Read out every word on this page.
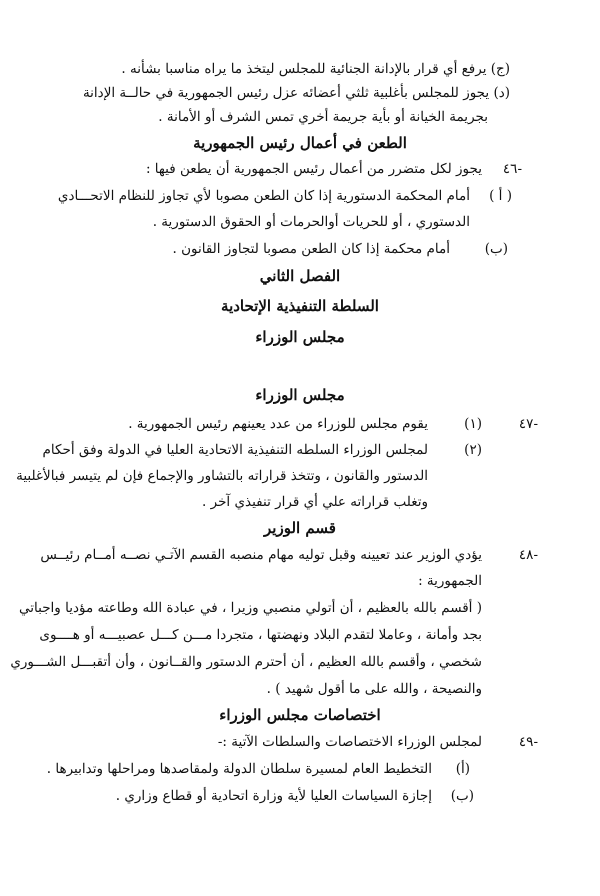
(ج) يرفع أي قرار بالإدانة الجنائية للمجلس ليتخذ ما يراه مناسبا بشأنه .
(د) يجوز للمجلس بأغلبية ثلثي أعضائه عزل رئيس الجمهورية في حالــة الإدانة
بجريمة الخيانة أو بأية جريمة أخري تمس الشرف أو الأمانة .
الطعن في أعمال رئيس الجمهورية
٤٦-
يجوز لكل متضرر من أعمال رئيس الجمهورية أن يطعن فيها :
( أ )
أمام المحكمة الدستورية إذا كان الطعن مصوبا لأي تجاوز للنظام الاتحـــادي
الدستوري ، أو للحريات أوالحرمات أو الحقوق الدستورية .
(ب)
أمام محكمة إذا كان الطعن مصوبا لتجاوز القانون .
الفصل الثاني
السلطة التنفيذية الإتحادية
مجلس الوزراء
مجلس الوزراء
٤٧-
(١)
يقوم مجلس للوزراء من عدد يعينهم رئيس الجمهورية .
(٢)
لمجلس الوزراء السلطه التنفيذية الاتحادية العليا في الدولة وفق أحكام
الدستور والقانون ، وتتخذ قراراته بالتشاور والإجماع فإن لم يتيسر فبالأغلبية
وتغلب قراراته علي أي قرار تنفيذي آخر .
قسم الوزير
٤٨-
يؤدي الوزير عند تعيينه وقبل توليه مهام منصبه القسم الآتـي نصــه أمــام رئيــس
الجمهورية :
( أقسم بالله بالعظيم ، أن أتولي منصبي وزيرا ، في عبادة الله وطاعته مؤديا واجباتي
بجد وأمانة ، وعاملا لتقدم البلاد ونهضتها ، متجردا مـــن كـــل عصبيـــه أو هــــوى
شخصي ، وأقسم بالله العظيم ، أن أحترم الدستور والقــانون ، وأن أتقبـــل الشـــوري
والنصيحة ، والله على ما أقول شهيد ) .
اختصاصات مجلس الوزراء
٤٩-
لمجلس الوزراء الاختصاصات والسلطات الآتية :-
(أ)
التخطيط العام لمسيرة سلطان الدولة ولمقاصدها ومراحلها وتدابيرها .
(ب)
إجازة السياسات العليا لأية وزارة اتحادية أو قطاع وزاري .
